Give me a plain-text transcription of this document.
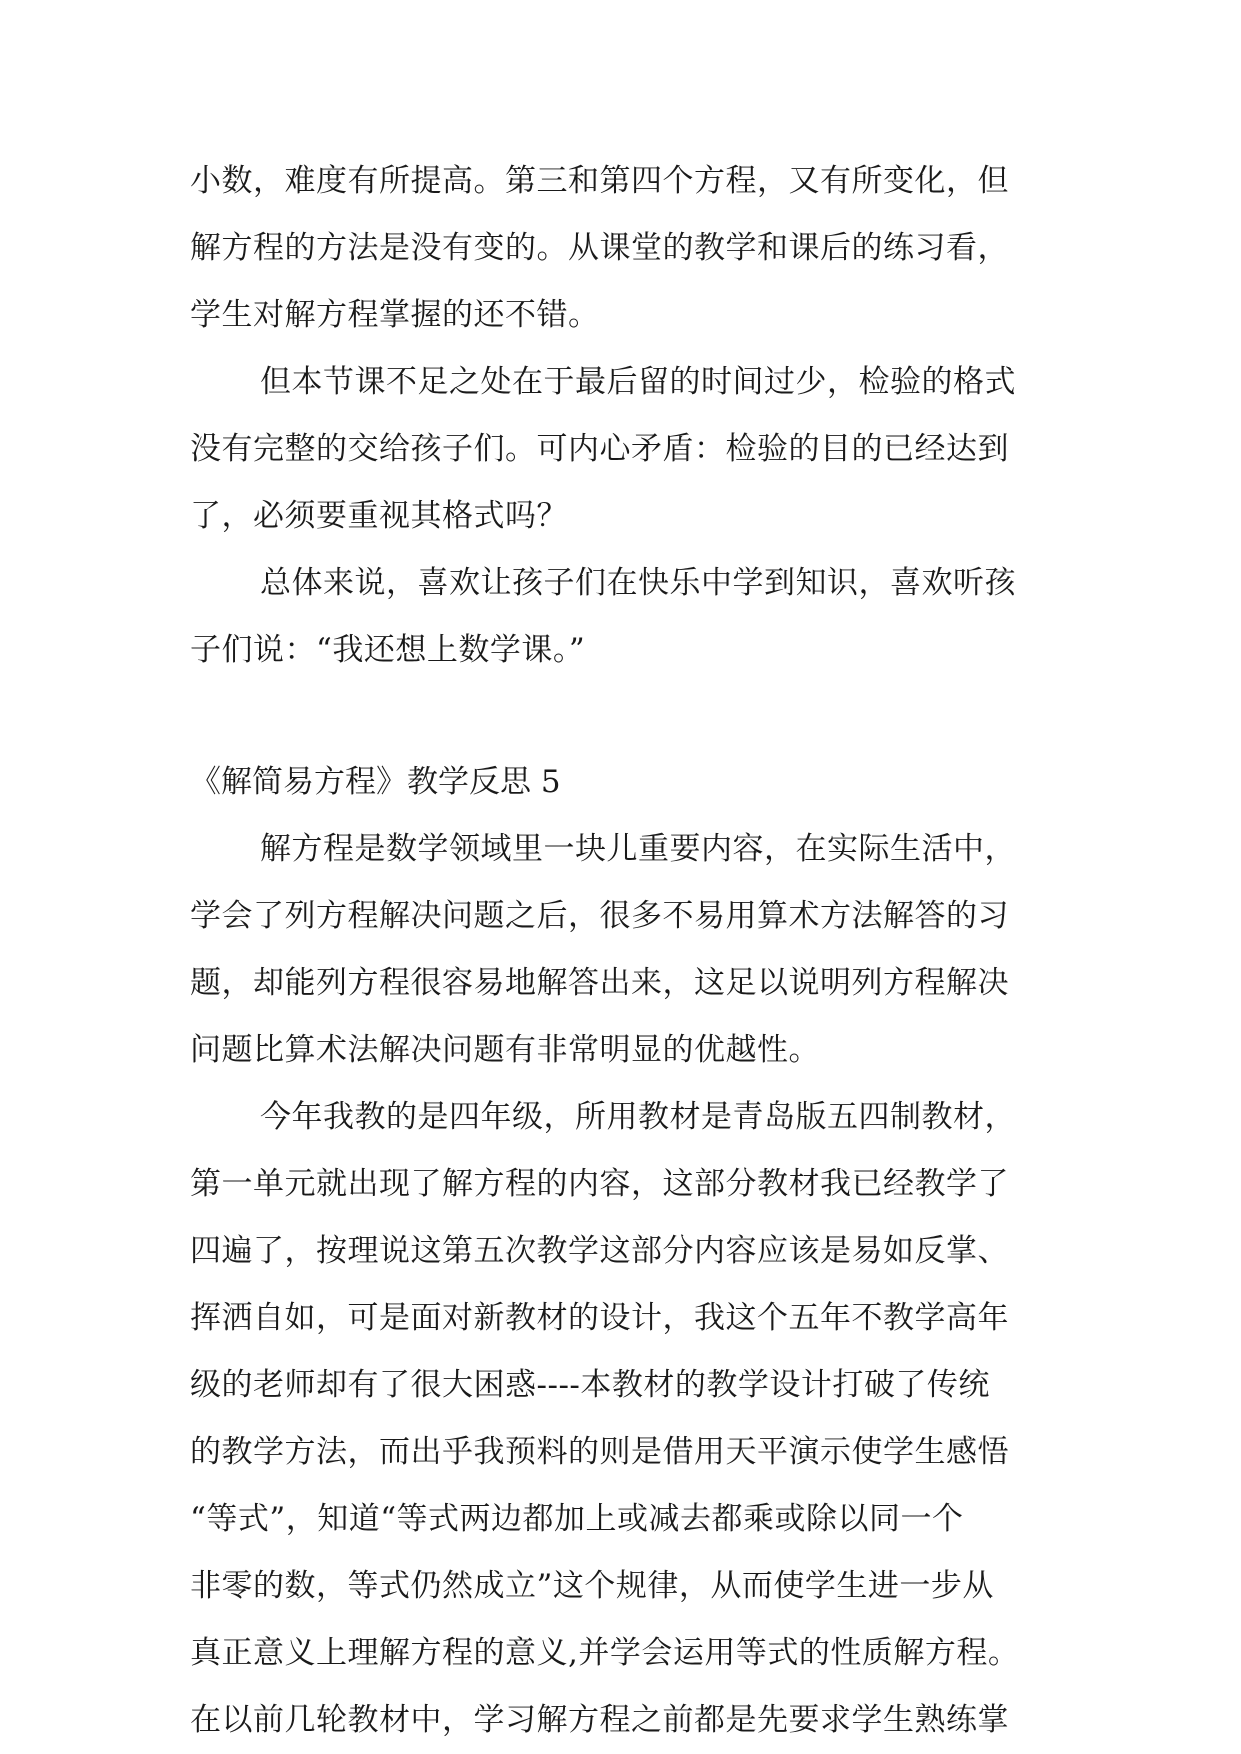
小数，难度有所提高。第三和第四个方程，又有所变化，但
解方程的方法是没有变的。从课堂的教学和课后的练习看，
学生对解方程掌握的还不错。
但本节课不足之处在于最后留的时间过少，检验的格式
没有完整的交给孩子们。可内心矛盾：检验的目的已经达到
了，必须要重视其格式吗？
总体来说，喜欢让孩子们在快乐中学到知识，喜欢听孩
子们说：“我还想上数学课。”
《解简易方程》教学反思 5
解方程是数学领域里一块儿重要内容，在实际生活中，
学会了列方程解决问题之后，很多不易用算术方法解答的习
题，却能列方程很容易地解答出来，这足以说明列方程解决
问题比算术法解决问题有非常明显的优越性。
今年我教的是四年级，所用教材是青岛版五四制教材，
第一单元就出现了解方程的内容，这部分教材我已经教学了
四遍了，按理说这第五次教学这部分内容应该是易如反掌、
挥洒自如，可是面对新教材的设计，我这个五年不教学高年
级的老师却有了很大困惑----本教材的教学设计打破了传统
的教学方法，而出乎我预料的则是借用天平演示使学生感悟
“等式”，知道“等式两边都加上或减去都乘或除以同一个
非零的数，等式仍然成立”这个规律，从而使学生进一步从
真正意义上理解方程的意义,并学会运用等式的性质解方程。
在以前几轮教材中，学习解方程之前都是先要求学生熟练掌
